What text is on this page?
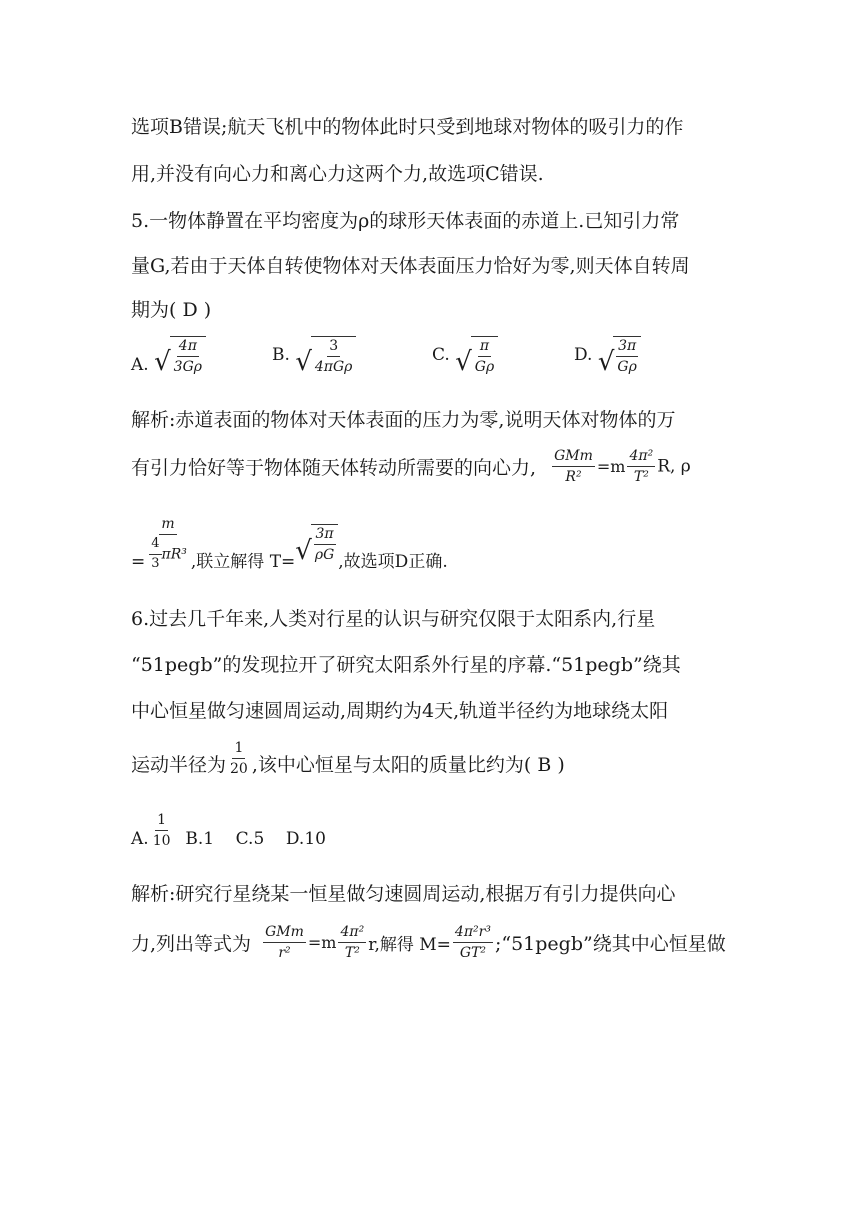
选项B错误;航天飞机中的物体此时只受到地球对物体的吸引力的作
用,并没有向心力和离心力这两个力,故选项C错误.
5.一物体静置在平均密度为ρ的球形天体表面的赤道上.已知引力常
量G,若由于天体自转使物体对天体表面压力恰好为零,则天体自转周
期为( D )
A. √ $\frac{4\pi}{3G\rho}$	B. √ $\frac{3}{\text{4πGρ}}$	C. √ $\frac{\pi}{G\rho}$	D. √ $\frac{3\pi}{G\rho}$
解析:赤道表面的物体对天体表面的压力为零,说明天体对物体的万
有引力恰好等于物体随天体转动所需要的向心力, $\frac{\text{GMm}}{\text{R²}} =m \frac{\text{4π²}}{\text{T²}} R$, ρ
= $\frac{m}{\frac{4}{3} \pi R^3}$ ,联立解得 T= √ $\frac{3\pi}{\rho G}$ ,故选项D正确.
6.过去几千年来,人类对行星的认识与研究仅限于太阳系内,行星
“51pegb”的发现拉开了研究太阳系外行星的序幕.“51pegb”绕其
中心恒星做匀速圆周运动,周期约为4天,轨道半径约为地球绕太阳
运动半径为 $\frac{1}{20}$ ,该中心恒星与太阳的质量比约为( B )
A. $\frac{1}{10} B.1$    C.5    D.10
解析:研究行星绕某一恒星做匀速圆周运动,根据万有引力提供向心
力,列出等式为 $\frac{\text{GMm}}{\text{r²}} =m \frac{\text{4π²}}{\text{T²}} r$,解得 $M= \frac{\text{4π²r³}}{\text{GT²}}$ ;“51pegb”绕其中心恒星做
